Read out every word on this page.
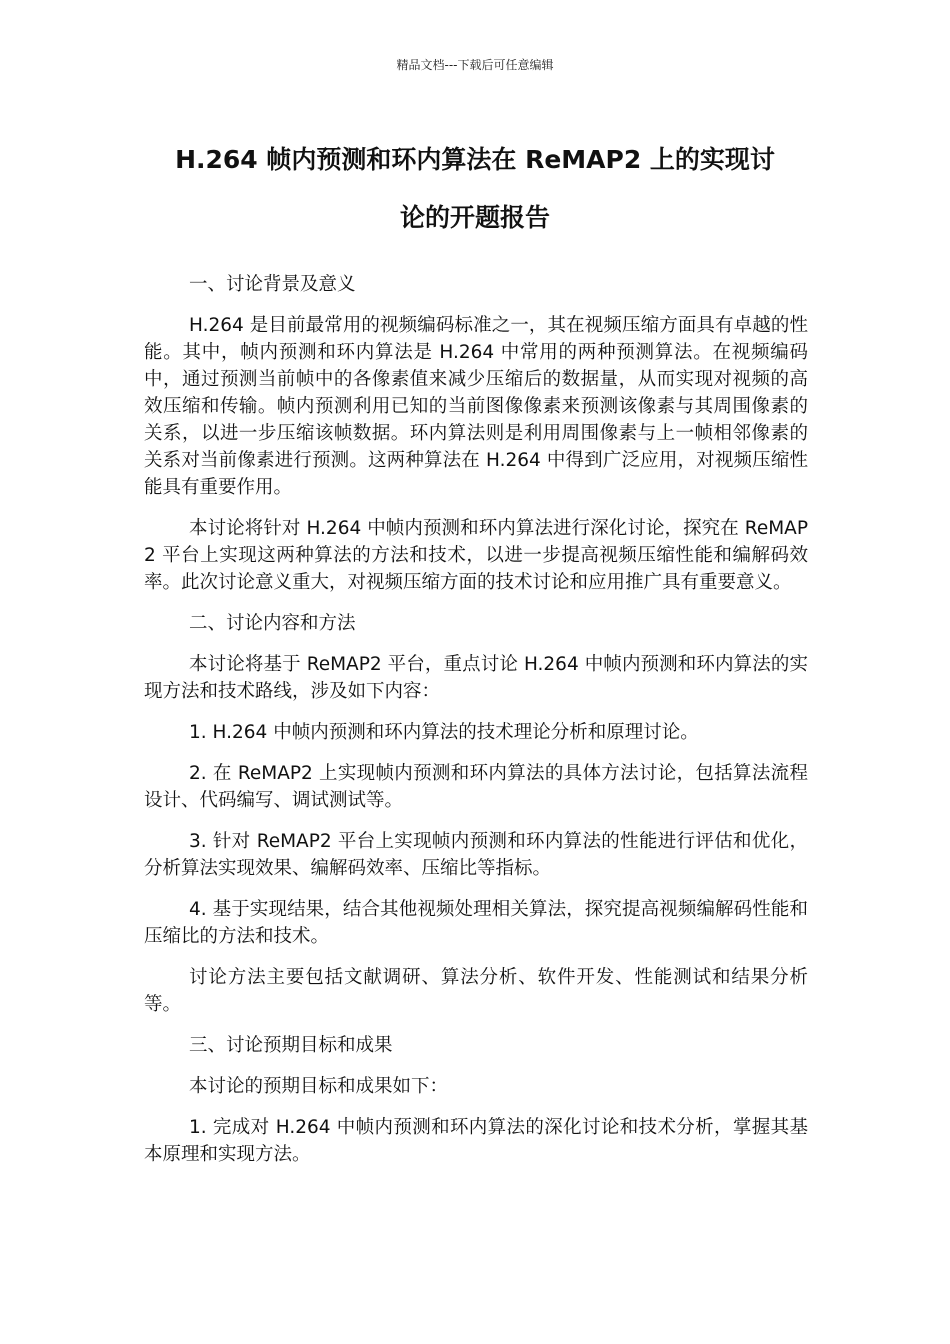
精品文档---下载后可任意编辑
H.264 帧内预测和环内算法在 ReMAP2 上的实现讨
论的开题报告

一、讨论背景及意义

H.264 是目前最常用的视频编码标准之一，其在视频压缩方面具有卓越的性能。其中，帧内预测和环内算法是 H.264 中常用的两种预测算法。在视频编码中，通过预测当前帧中的各像素值来减少压缩后的数据量，从而实现对视频的高效压缩和传输。帧内预测利用已知的当前图像像素来预测该像素与其周围像素的关系，以进一步压缩该帧数据。环内算法则是利用周围像素与上一帧相邻像素的关系对当前像素进行预测。这两种算法在 H.264 中得到广泛应用，对视频压缩性能具有重要作用。

本讨论将针对 H.264 中帧内预测和环内算法进行深化讨论，探究在 ReMAP2 平台上实现这两种算法的方法和技术，以进一步提高视频压缩性能和编解码效率。此次讨论意义重大，对视频压缩方面的技术讨论和应用推广具有重要意义。

二、讨论内容和方法

本讨论将基于 ReMAP2 平台，重点讨论 H.264 中帧内预测和环内算法的实现方法和技术路线，涉及如下内容：

1. H.264 中帧内预测和环内算法的技术理论分析和原理讨论。

2. 在 ReMAP2 上实现帧内预测和环内算法的具体方法讨论，包括算法流程设计、代码编写、调试测试等。

3. 针对 ReMAP2 平台上实现帧内预测和环内算法的性能进行评估和优化，分析算法实现效果、编解码效率、压缩比等指标。

4. 基于实现结果，结合其他视频处理相关算法，探究提高视频编解码性能和压缩比的方法和技术。

讨论方法主要包括文献调研、算法分析、软件开发、性能测试和结果分析等。

三、讨论预期目标和成果

本讨论的预期目标和成果如下：

1. 完成对 H.264 中帧内预测和环内算法的深化讨论和技术分析，掌握其基本原理和实现方法。
